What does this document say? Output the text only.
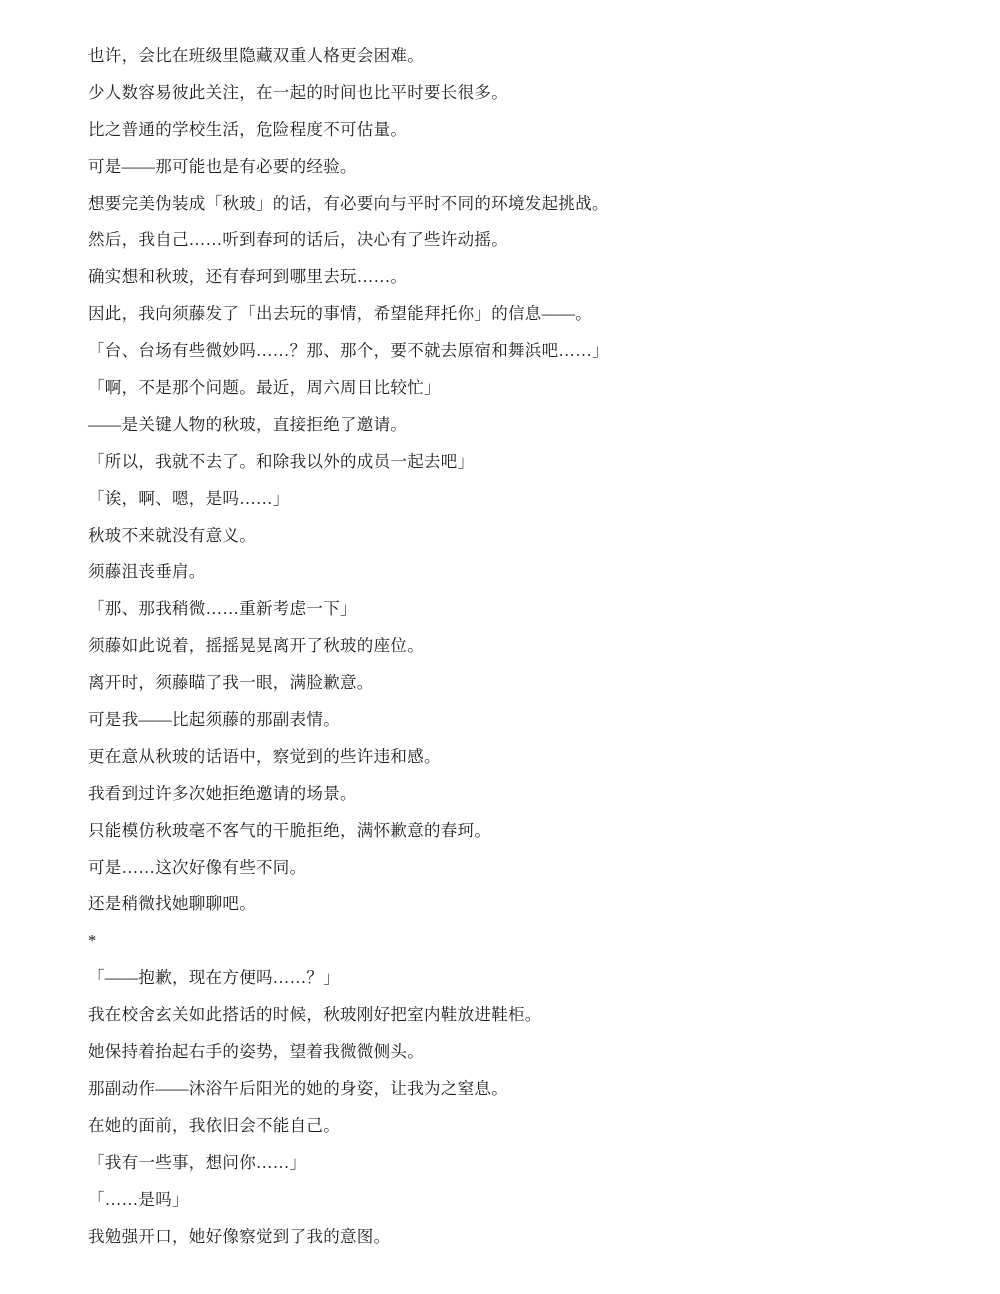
也许，会比在班级里隐藏双重人格更会困难。

少人数容易彼此关注，在一起的时间也比平时要长很多。

比之普通的学校生活，危险程度不可估量。

可是——那可能也是有必要的经验。

想要完美伪装成「秋玻」的话，有必要向与平时不同的环境发起挑战。

然后，我自己……听到春珂的话后，决心有了些许动摇。

确实想和秋玻，还有春珂到哪里去玩……。

因此，我向须藤发了「出去玩的事情，希望能拜托你」的信息——。

「台、台场有些微妙吗……？那、那个，要不就去原宿和舞浜吧……」

「啊，不是那个问题。最近，周六周日比较忙」

——是关键人物的秋玻，直接拒绝了邀请。

「所以，我就不去了。和除我以外的成员一起去吧」

「诶，啊、嗯，是吗……」

秋玻不来就没有意义。

须藤沮丧垂肩。

「那、那我稍微……重新考虑一下」

须藤如此说着，摇摇晃晃离开了秋玻的座位。

离开时，须藤瞄了我一眼，满脸歉意。

可是我——比起须藤的那副表情。

更在意从秋玻的话语中，察觉到的些许违和感。

我看到过许多次她拒绝邀请的场景。

只能模仿秋玻毫不客气的干脆拒绝，满怀歉意的春珂。

可是……这次好像有些不同。

还是稍微找她聊聊吧。

*

「——抱歉，现在方便吗……？」

我在校舍玄关如此搭话的时候，秋玻刚好把室内鞋放进鞋柜。

她保持着抬起右手的姿势，望着我微微侧头。

那副动作——沐浴午后阳光的她的身姿，让我为之窒息。

在她的面前，我依旧会不能自己。

「我有一些事，想问你……」

「……是吗」

我勉强开口，她好像察觉到了我的意图。
